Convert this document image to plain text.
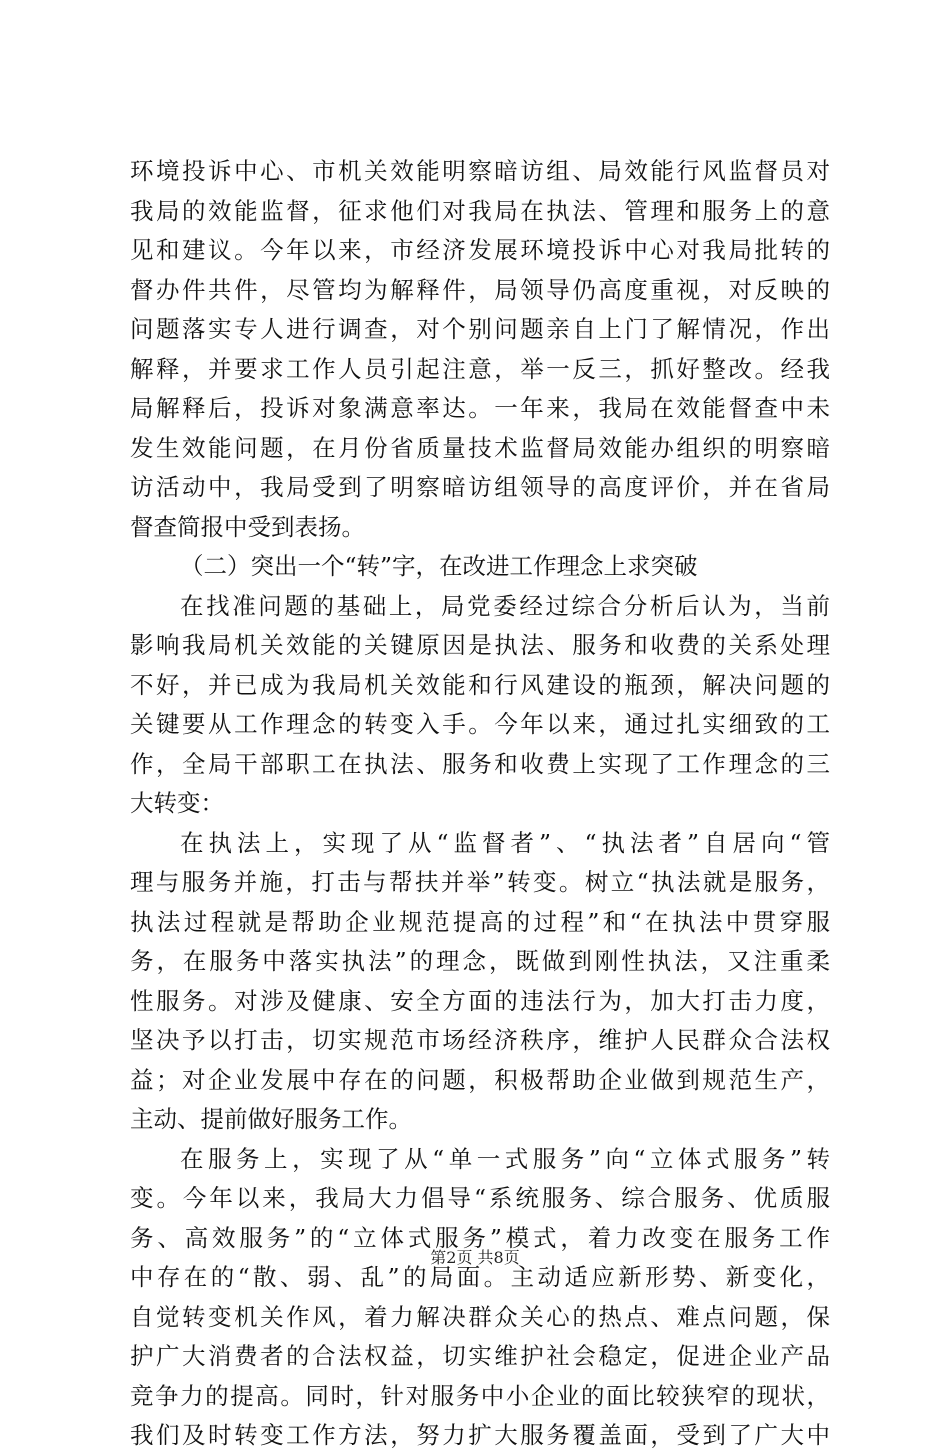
环境投诉中心、市机关效能明察暗访组、局效能行风监督员对
我局的效能监督，征求他们对我局在执法、管理和服务上的意
见和建议。今年以来，市经济发展环境投诉中心对我局批转的
督办件共件，尽管均为解释件，局领导仍高度重视，对反映的
问题落实专人进行调查，对个别问题亲自上门了解情况，作出
解释，并要求工作人员引起注意，举一反三，抓好整改。经我
局解释后，投诉对象满意率达。一年来，我局在效能督查中未
发生效能问题，在月份省质量技术监督局效能办组织的明察暗
访活动中，我局受到了明察暗访组领导的高度评价，并在省局
督查简报中受到表扬。
（二）突出一个“转”字，在改进工作理念上求突破
在找准问题的基础上，局党委经过综合分析后认为，当前
影响我局机关效能的关键原因是执法、服务和收费的关系处理
不好，并已成为我局机关效能和行风建设的瓶颈，解决问题的
关键要从工作理念的转变入手。今年以来，通过扎实细致的工
作，全局干部职工在执法、服务和收费上实现了工作理念的三
大转变：
在执法上，实现了从“监督者”、“执法者”自居向“管
理与服务并施，打击与帮扶并举”转变。树立“执法就是服务，
执法过程就是帮助企业规范提高的过程”和“在执法中贯穿服
务，在服务中落实执法”的理念，既做到刚性执法，又注重柔
性服务。对涉及健康、安全方面的违法行为，加大打击力度，
坚决予以打击，切实规范市场经济秩序，维护人民群众合法权
益；对企业发展中存在的问题，积极帮助企业做到规范生产，
主动、提前做好服务工作。
在服务上，实现了从“单一式服务”向“立体式服务”转
变。今年以来，我局大力倡导“系统服务、综合服务、优质服
务、高效服务”的“立体式服务”模式，着力改变在服务工作
中存在的“散、弱、乱”的局面。主动适应新形势、新变化，
自觉转变机关作风，着力解决群众关心的热点、难点问题，保
护广大消费者的合法权益，切实维护社会稳定，促进企业产品
竞争力的提高。同时，针对服务中小企业的面比较狭窄的现状，
我们及时转变工作方法，努力扩大服务覆盖面，受到了广大中
第2页 共8页
